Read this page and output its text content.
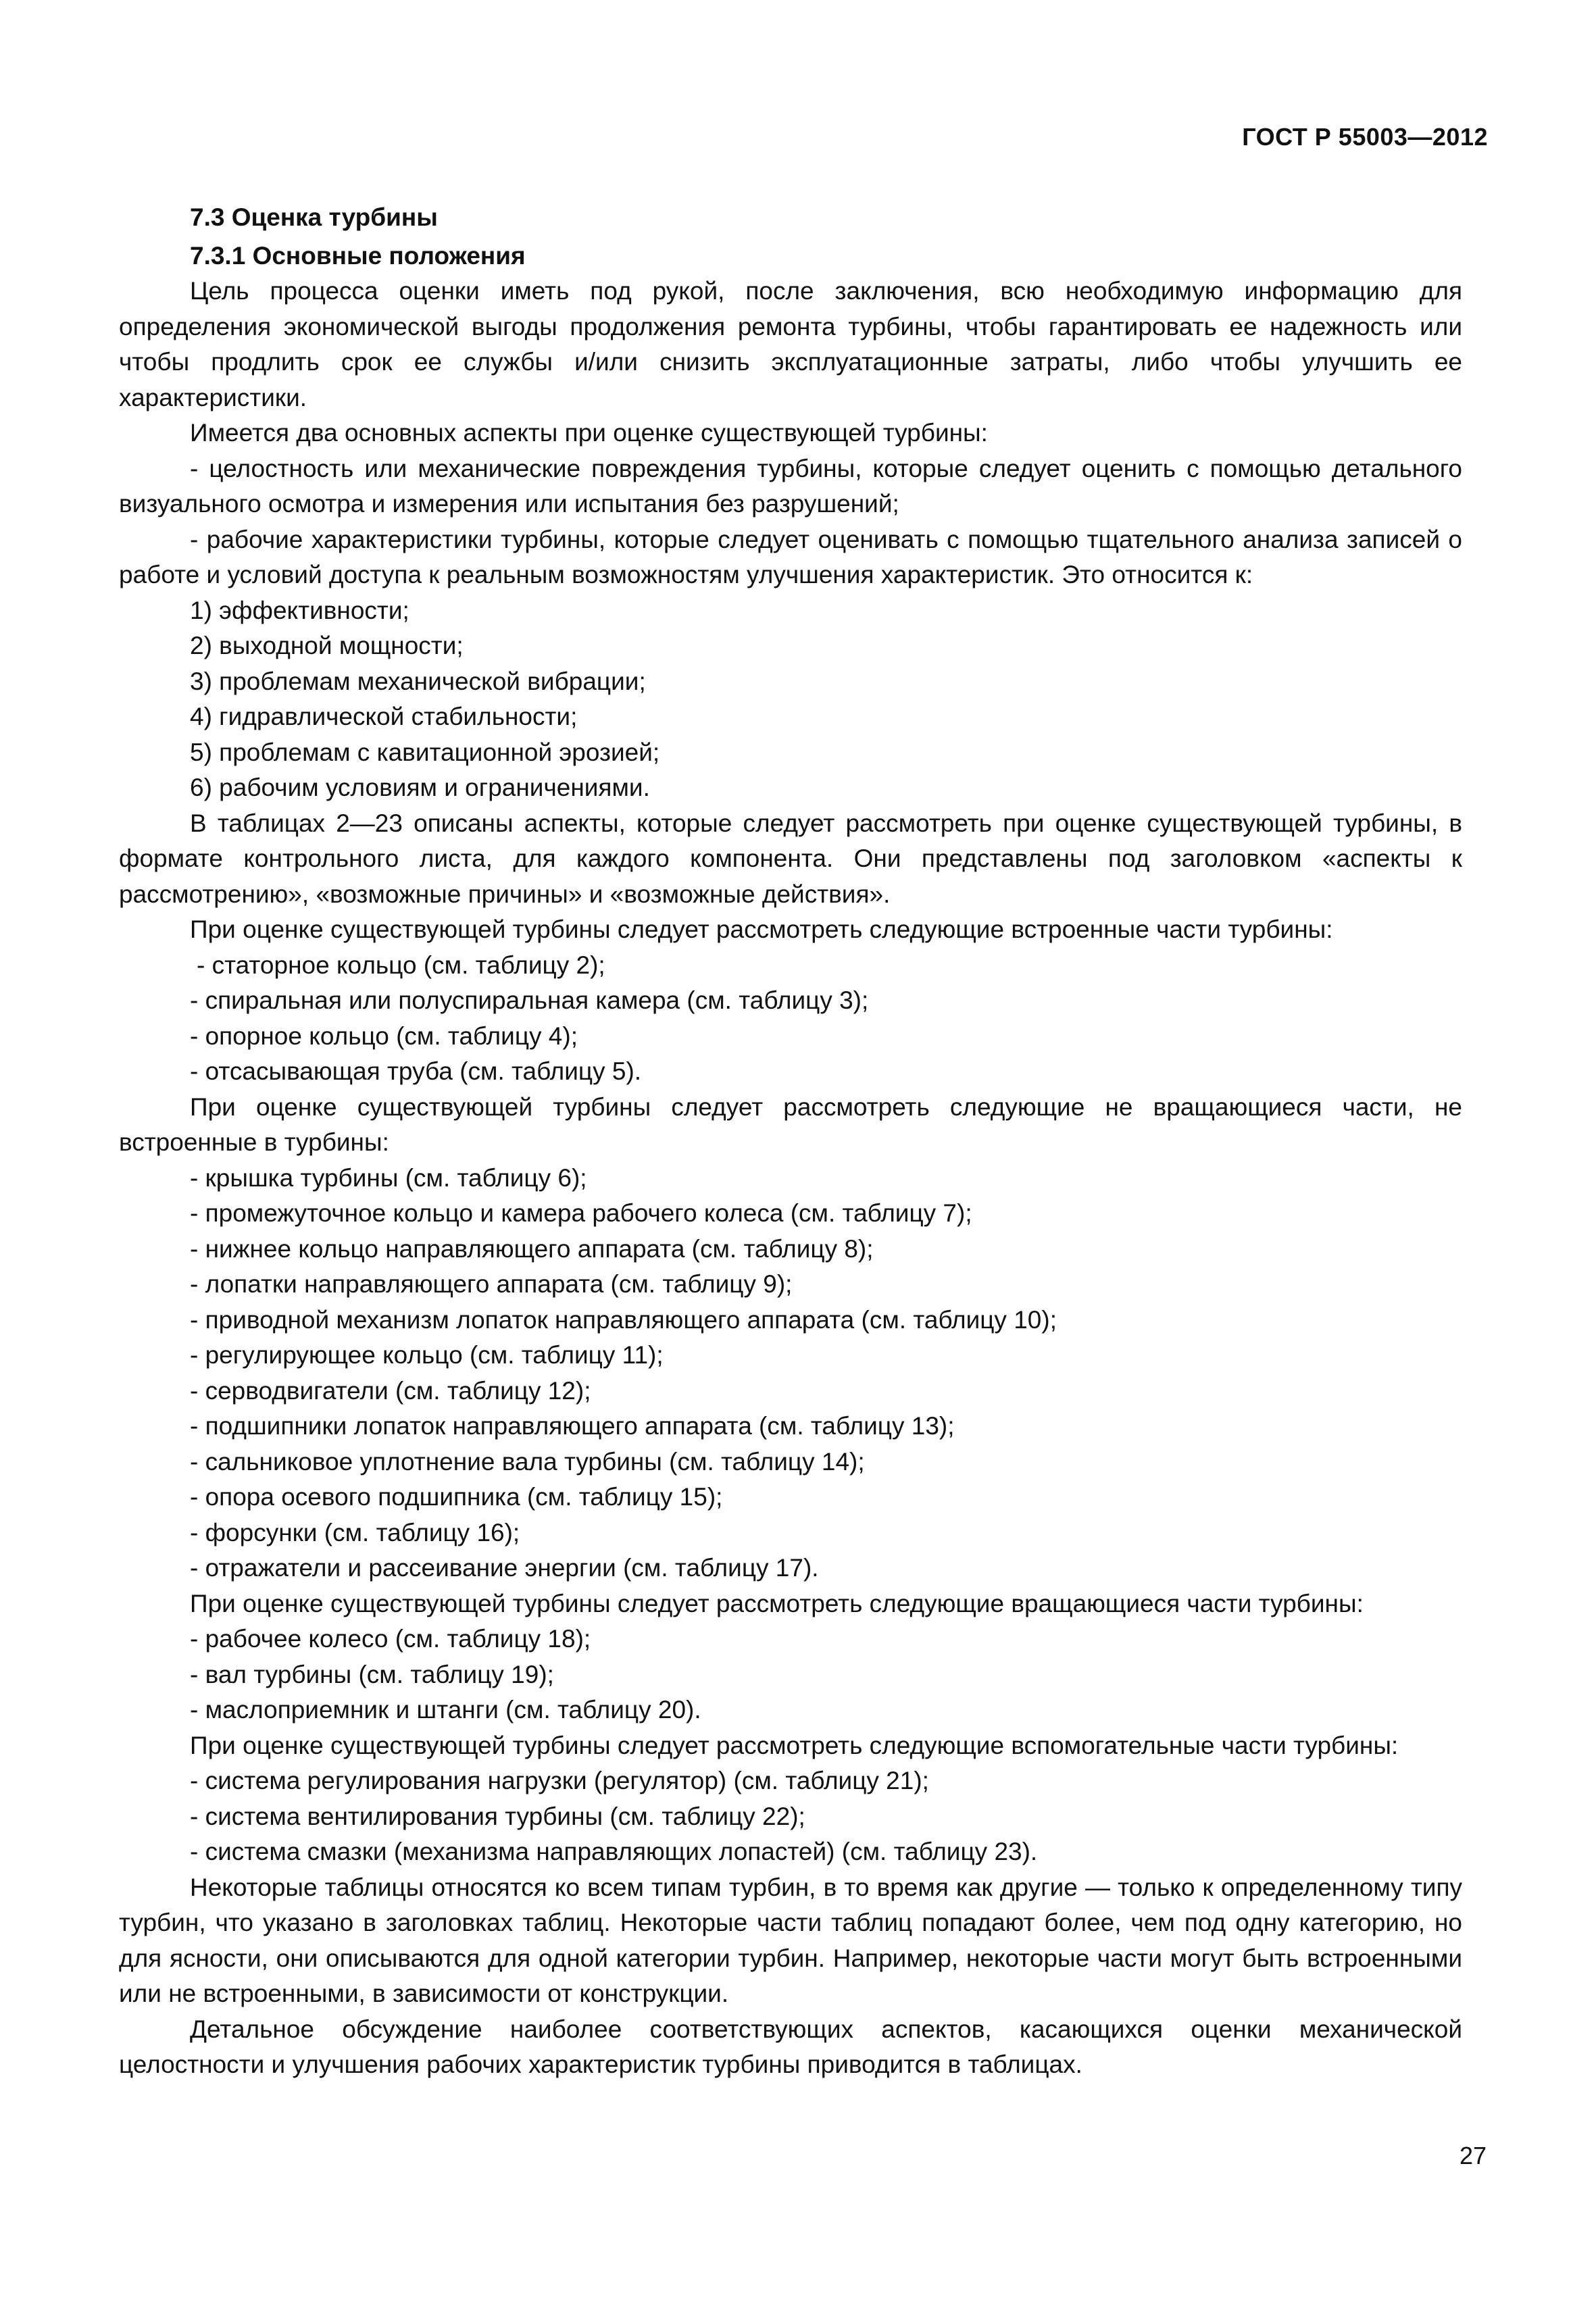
ГОСТ Р 55003—2012

7.3 Оценка турбины

7.3.1 Основные положения

Цель процесса оценки иметь под рукой, после заключения, всю необходимую информацию для определения экономической выгоды продолжения ремонта турбины, чтобы гарантировать ее надежность или чтобы продлить срок ее службы и/или снизить эксплуатационные затраты, либо чтобы улучшить ее характеристики.

Имеется два основных аспекты при оценке существующей турбины:

- целостность или механические повреждения турбины, которые следует оценить с помощью детального визуального осмотра и измерения или испытания без разрушений;

- рабочие характеристики турбины, которые следует оценивать с помощью тщательного анализа записей о работе и условий доступа к реальным возможностям улучшения характеристик. Это относится к:

1) эффективности;

2) выходной мощности;

3) проблемам механической вибрации;

4) гидравлической стабильности;

5) проблемам с кавитационной эрозией;

6) рабочим условиям и ограничениями.

В таблицах 2—23 описаны аспекты, которые следует рассмотреть при оценке существующей турбины, в формате контрольного листа, для каждого компонента. Они представлены под заголовком «аспекты к рассмотрению», «возможные причины» и «возможные действия».

При оценке существующей турбины следует рассмотреть следующие встроенные части турбины:

- статорное кольцо (см. таблицу 2);

- спиральная или полуспиральная камера (см. таблицу 3);

- опорное кольцо (см. таблицу 4);

- отсасывающая труба (см. таблицу 5).

При оценке существующей турбины следует рассмотреть следующие не вращающиеся части, не встроенные в турбины:

- крышка турбины (см. таблицу 6);

- промежуточное кольцо и камера рабочего колеса (см. таблицу 7);

- нижнее кольцо направляющего аппарата (см. таблицу 8);

- лопатки направляющего аппарата (см. таблицу 9);

- приводной механизм лопаток направляющего аппарата (см. таблицу 10);

- регулирующее кольцо (см. таблицу 11);

- серводвигатели (см. таблицу 12);

- подшипники лопаток направляющего аппарата (см. таблицу 13);

- сальниковое уплотнение вала турбины (см. таблицу 14);

- опора осевого подшипника (см. таблицу 15);

- форсунки (см. таблицу 16);

- отражатели и рассеивание энергии (см. таблицу 17).

При оценке существующей турбины следует рассмотреть следующие вращающиеся части турбины:

- рабочее колесо (см. таблицу 18);

- вал турбины (см. таблицу 19);

- маслоприемник и штанги (см. таблицу 20).

При оценке существующей турбины следует рассмотреть следующие вспомогательные части турбины:

- система регулирования нагрузки (регулятор) (см. таблицу 21);

- система вентилирования турбины (см. таблицу 22);

- система смазки (механизма направляющих лопастей) (см. таблицу 23).

Некоторые таблицы относятся ко всем типам турбин, в то время как другие — только к определенному типу турбин, что указано в заголовках таблиц. Некоторые части таблиц попадают более, чем под одну категорию, но для ясности, они описываются для одной категории турбин. Например, некоторые части могут быть встроенными или не встроенными, в зависимости от конструкции.

Детальное обсуждение наиболее соответствующих аспектов, касающихся оценки механической целостности и улучшения рабочих характеристик турбины приводится в таблицах.

27
